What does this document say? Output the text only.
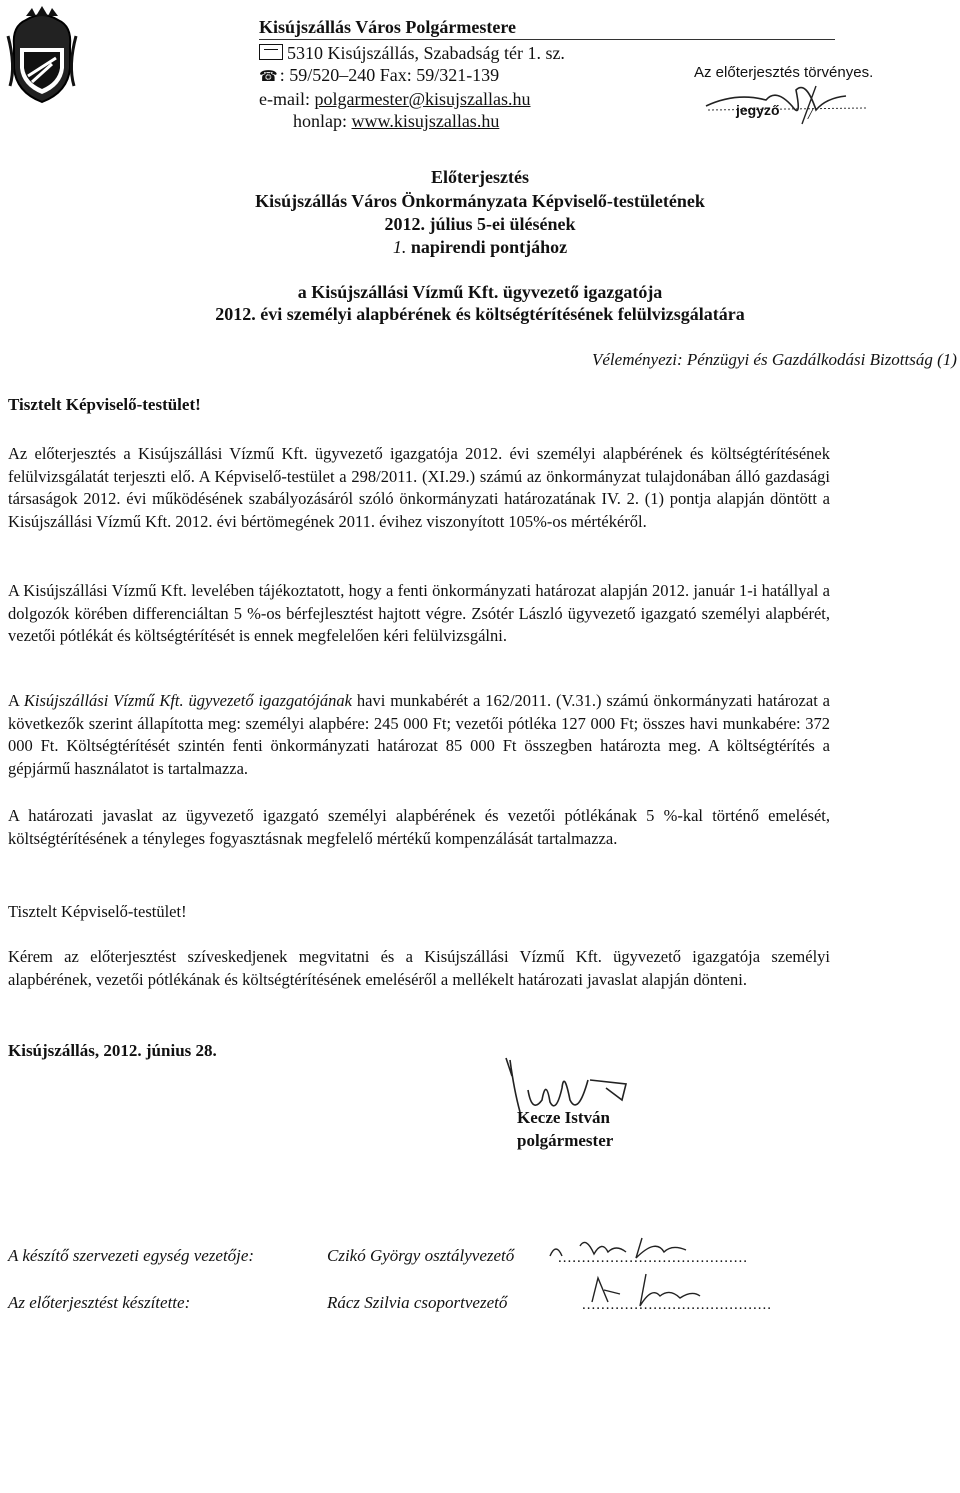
Kisújszállás Város Polgármestere
5310 Kisújszállás, Szabadság tér 1. sz.
☎ : 59/520–240 Fax: 59/321-139
e-mail: polgarmester@kisujszallas.hu
honlap: www.kisujszallas.hu
Az előterjesztés törvényes.
jegyző /
Előterjesztés
Kisújszállás Város Önkormányzata Képviselő-testületének
2012. július 5-ei ülésének
1. napirendi pontjához
a Kisújszállási Vízmű Kft. ügyvezető igazgatója
2012. évi személyi alapbérének és költségtérítésének felülvizsgálatára
Véleményezi: Pénzügyi és Gazdálkodási Bizottság (1)
Tisztelt Képviselő-testület!
Az előterjesztés a Kisújszállási Vízmű Kft. ügyvezető igazgatója 2012. évi személyi alapbérének és költségtérítésének felülvizsgálatát terjeszti elő. A Képviselő-testület a 298/2011. (XI.29.) számú az önkormányzat tulajdonában álló gazdasági társaságok 2012. évi működésének szabályozásáról szóló önkormányzati határozatának IV. 2. (1) pontja alapján döntött a Kisújszállási Vízmű Kft. 2012. évi bértömegének 2011. évihez viszonyított 105%-os mértékéről.
A Kisújszállási Vízmű Kft. levelében tájékoztatott, hogy a fenti önkormányzati határozat alapján 2012. január 1-i hatállyal a dolgozók körében differenciáltan 5 %-os bérfejlesztést hajtott végre. Zsótér László ügyvezető igazgató személyi alapbérét, vezetői pótlékát és költségtérítését is ennek megfelelően kéri felülvizsgálni.
A Kisújszállási Vízmű Kft. ügyvezető igazgatójának havi munkabérét a 162/2011. (V.31.) számú önkormányzati határozat a következők szerint állapította meg: személyi alapbére: 245 000 Ft; vezetői pótléka 127 000 Ft; összes havi munkabére: 372 000 Ft. Költségtérítését szintén fenti önkormányzati határozat 85 000 Ft összegben határozta meg. A költségtérítés a gépjármű használatot is tartalmazza.
A határozati javaslat az ügyvezető igazgató személyi alapbérének és vezetői pótlékának 5 %-kal történő emelését, költségtérítésének a tényleges fogyasztásnak megfelelő mértékű kompenzálását tartalmazza.
Tisztelt Képviselő-testület!
Kérem az előterjesztést szíveskedjenek megvitatni és a Kisújszállási Vízmű Kft. ügyvezető igazgatója személyi alapbérének, vezetői pótlékának és költségtérítésének emeléséről a mellékelt határozati javaslat alapján dönteni.
Kisújszállás, 2012. június 28.
Kecze István
polgármester
A készítő szervezeti egység vezetője:	Czikó György osztályvezető	........................................
Az előterjesztést készítette:	Rácz Szilvia csoportvezető	........................................
